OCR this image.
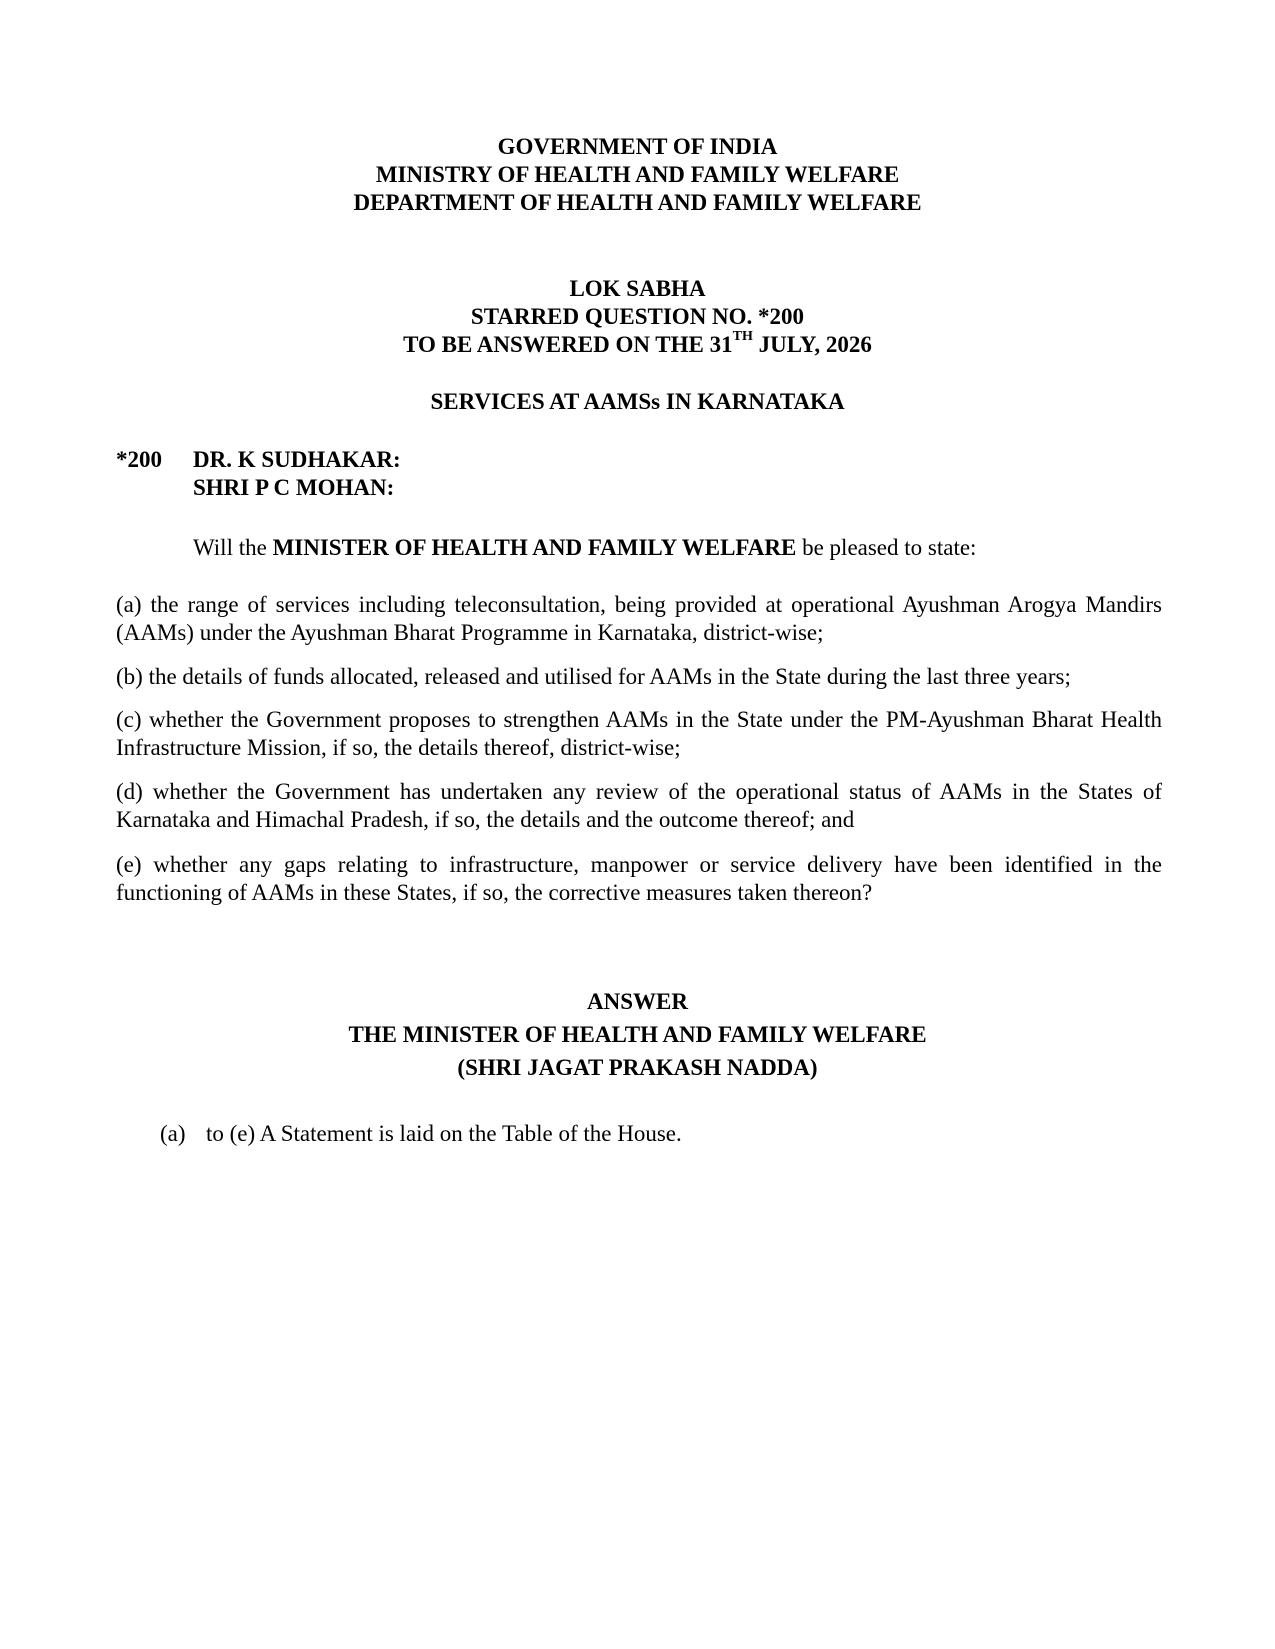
GOVERNMENT OF INDIA
MINISTRY OF HEALTH AND FAMILY WELFARE
DEPARTMENT OF HEALTH AND FAMILY WELFARE
LOK SABHA
STARRED QUESTION NO. *200
TO BE ANSWERED ON THE 31TH JULY, 2026
SERVICES AT AAMSs IN KARNATAKA
*200 DR. K SUDHAKAR:
SHRI P C MOHAN:
Will the MINISTER OF HEALTH AND FAMILY WELFARE be pleased to state:

(a) the range of services including teleconsultation, being provided at operational Ayushman Arogya Mandirs (AAMs) under the Ayushman Bharat Programme in Karnataka, district-wise;

(b) the details of funds allocated, released and utilised for AAMs in the State during the last three years;

(c) whether the Government proposes to strengthen AAMs in the State under the PM-Ayushman Bharat Health Infrastructure Mission, if so, the details thereof, district-wise;

(d) whether the Government has undertaken any review of the operational status of AAMs in the States of Karnataka and Himachal Pradesh, if so, the details and the outcome thereof; and

(e) whether any gaps relating to infrastructure, manpower or service delivery have been identified in the functioning of AAMs in these States, if so, the corrective measures taken thereon?

ANSWER
THE MINISTER OF HEALTH AND FAMILY WELFARE
(SHRI JAGAT PRAKASH NADDA)
(a) to (e) A Statement is laid on the Table of the House.
